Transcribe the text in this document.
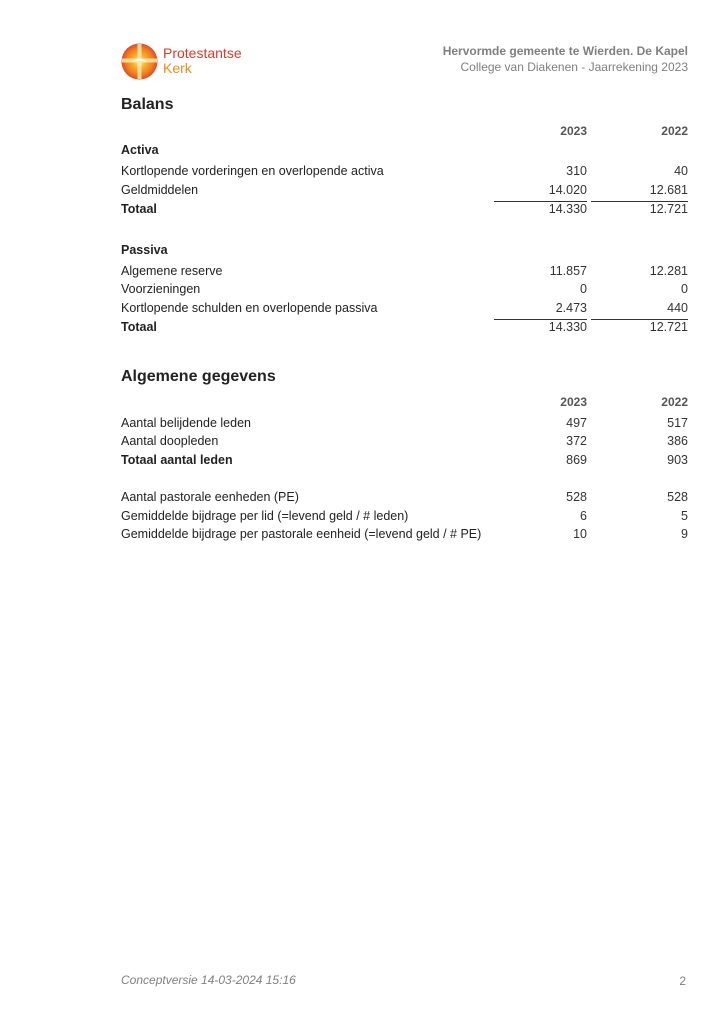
Protestantse
Kerk
Hervormde gemeente te Wierden. De Kapel
College van Diakenen - Jaarrekening 2023
Balans
2023	2022
Activa
Kortlopende vorderingen en overlopende activa	310	40
Geldmiddelen	14.020	12.681
Totaal	14.330	12.721
Passiva
Algemene reserve	11.857	12.281
Voorzieningen	0	0
Kortlopende schulden en overlopende passiva	2.473	440
Totaal	14.330	12.721
Algemene gegevens
2023	2022
Aantal belijdende leden	497	517
Aantal doopleden	372	386
Totaal aantal leden	869	903
Aantal pastorale eenheden (PE)	528	528
Gemiddelde bijdrage per lid (=levend geld / # leden)	6	5
Gemiddelde bijdrage per pastorale eenheid (=levend geld / # PE)	10	9
Conceptversie 14-03-2024 15:16	2
